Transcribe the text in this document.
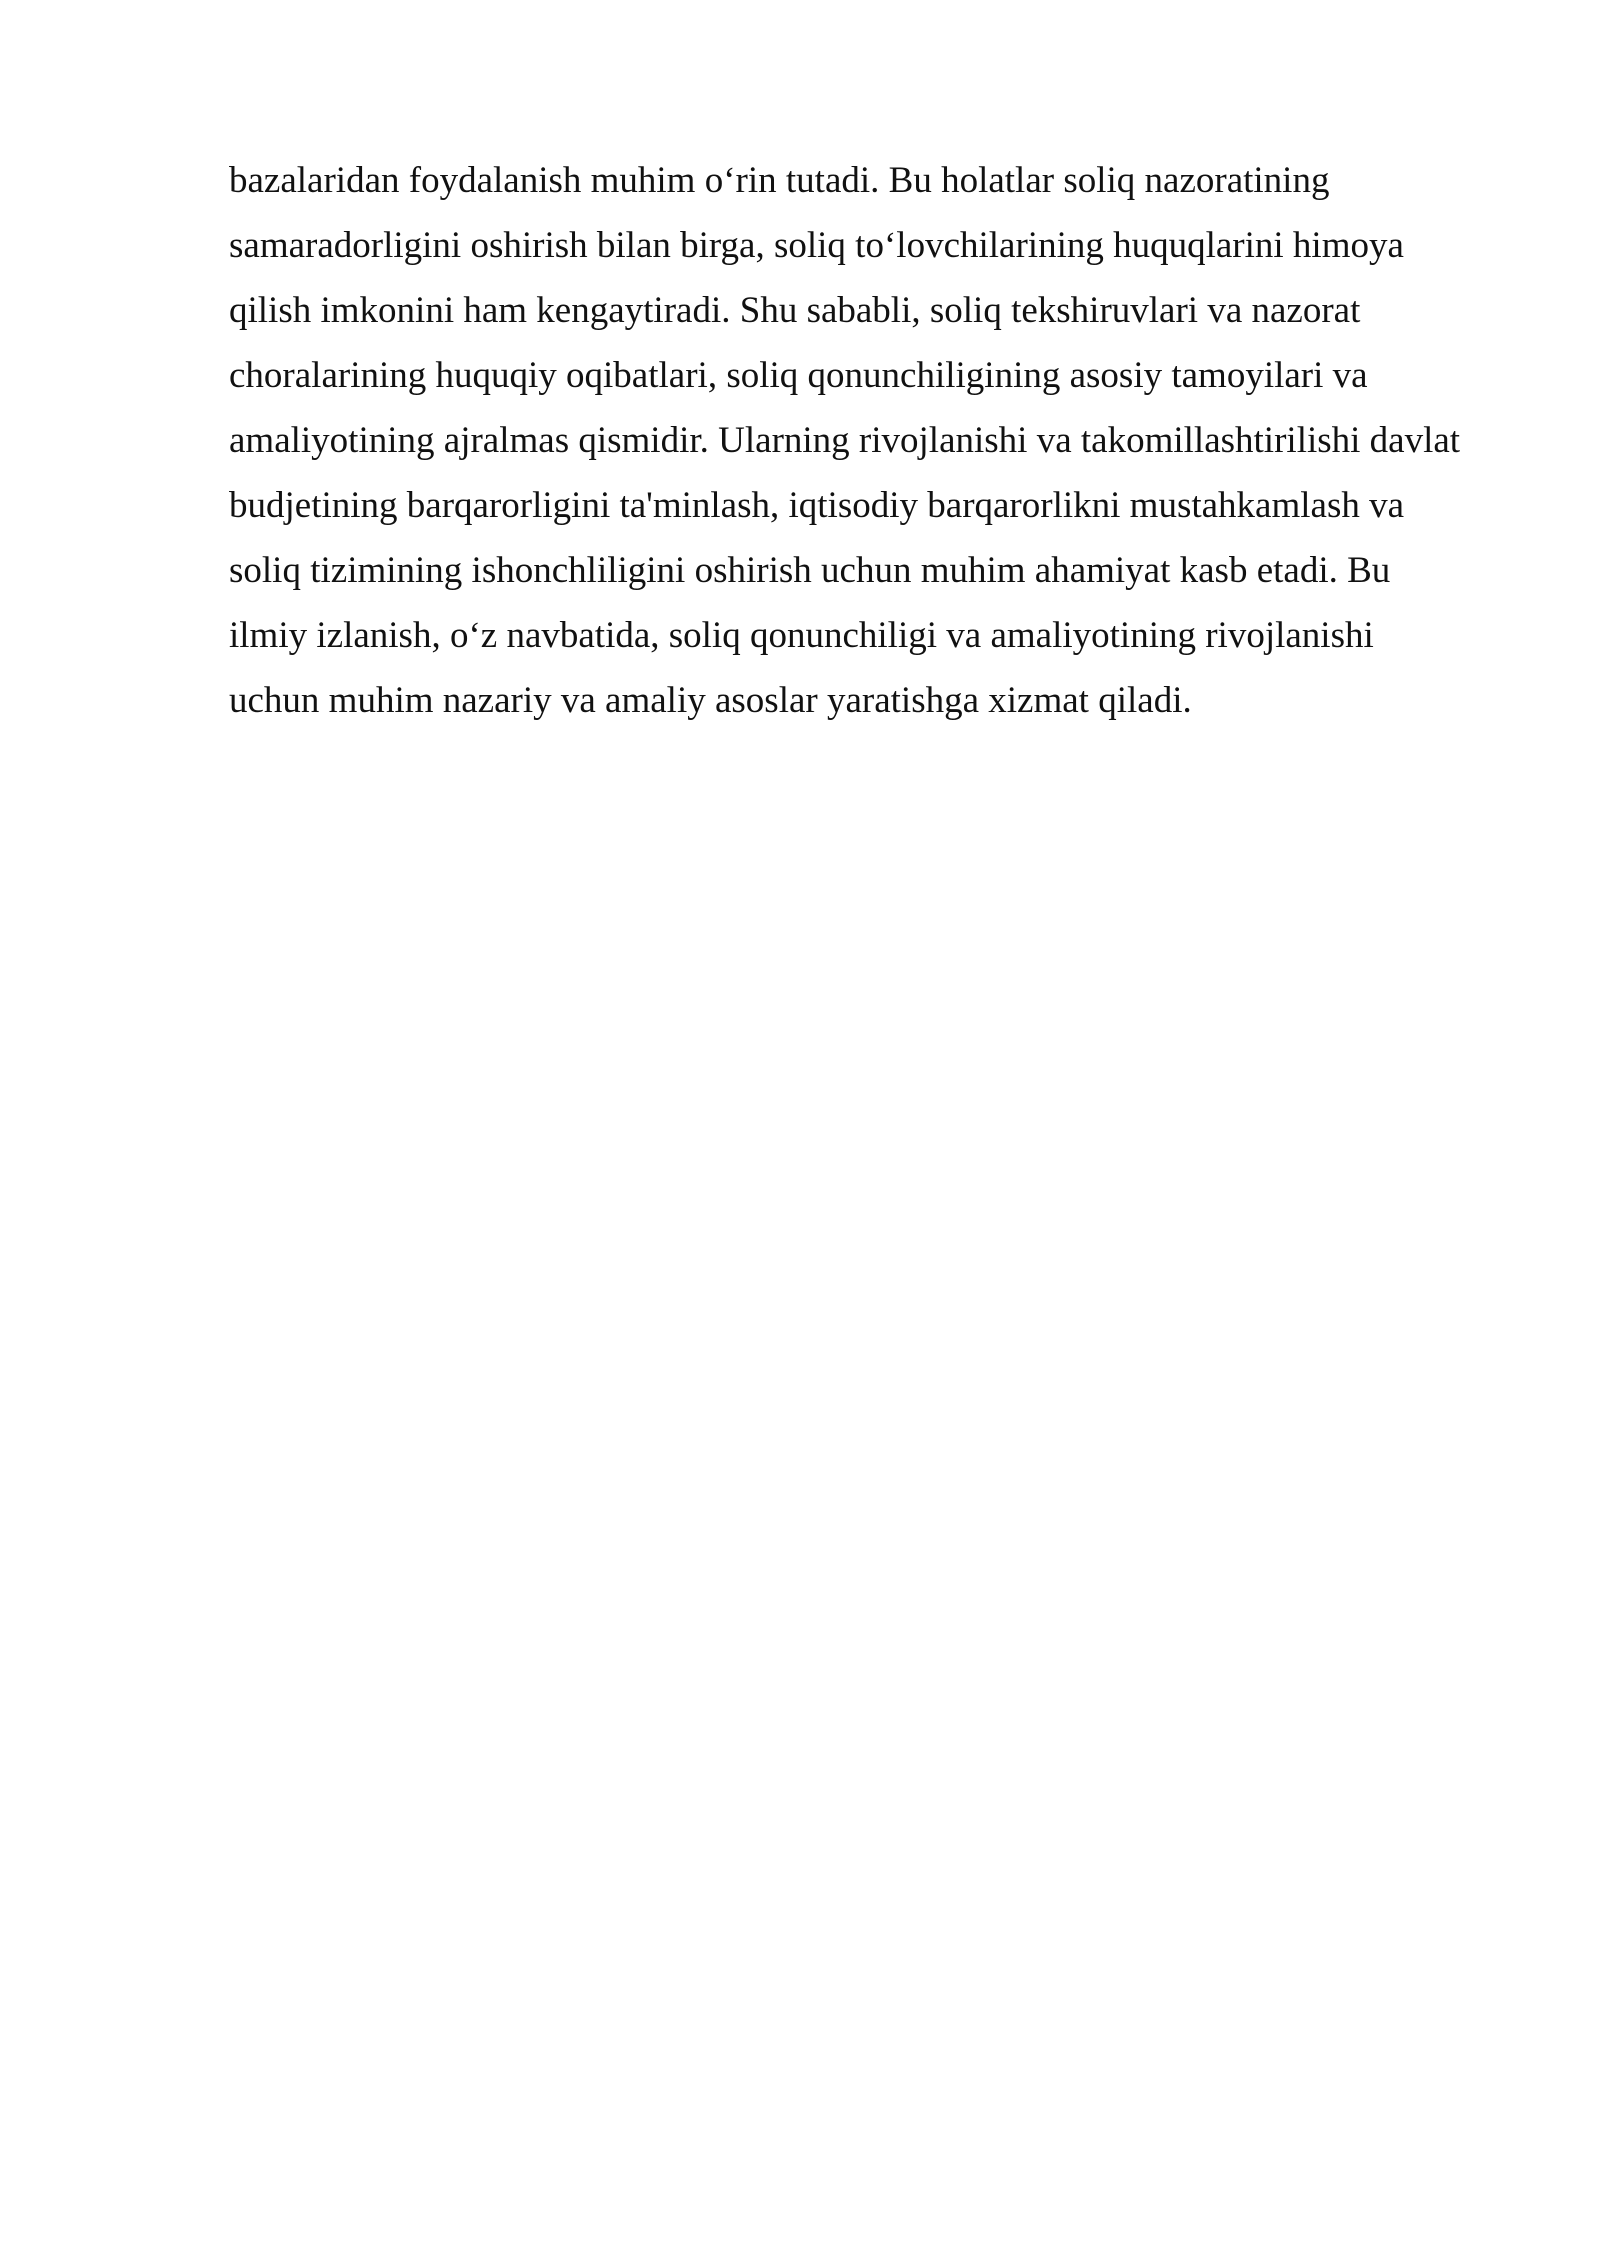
bazalaridan foydalanish muhim o‘rin tutadi. Bu holatlar soliq nazoratining
samaradorligini oshirish bilan birga, soliq to‘lovchilarining huquqlarini himoya
qilish imkonini ham kengaytiradi. Shu sababli, soliq tekshiruvlari va nazorat
choralarining huquqiy oqibatlari, soliq qonunchiligining asosiy tamoyilari va
amaliyotining ajralmas qismidir. Ularning rivojlanishi va takomillashtirilishi davlat
budjetining barqarorligini ta'minlash, iqtisodiy barqarorlikni mustahkamlash va
soliq tizimining ishonchliligini oshirish uchun muhim ahamiyat kasb etadi. Bu
ilmiy izlanish, o‘z navbatida, soliq qonunchiligi va amaliyotining rivojlanishi
uchun muhim nazariy va amaliy asoslar yaratishga xizmat qiladi.
